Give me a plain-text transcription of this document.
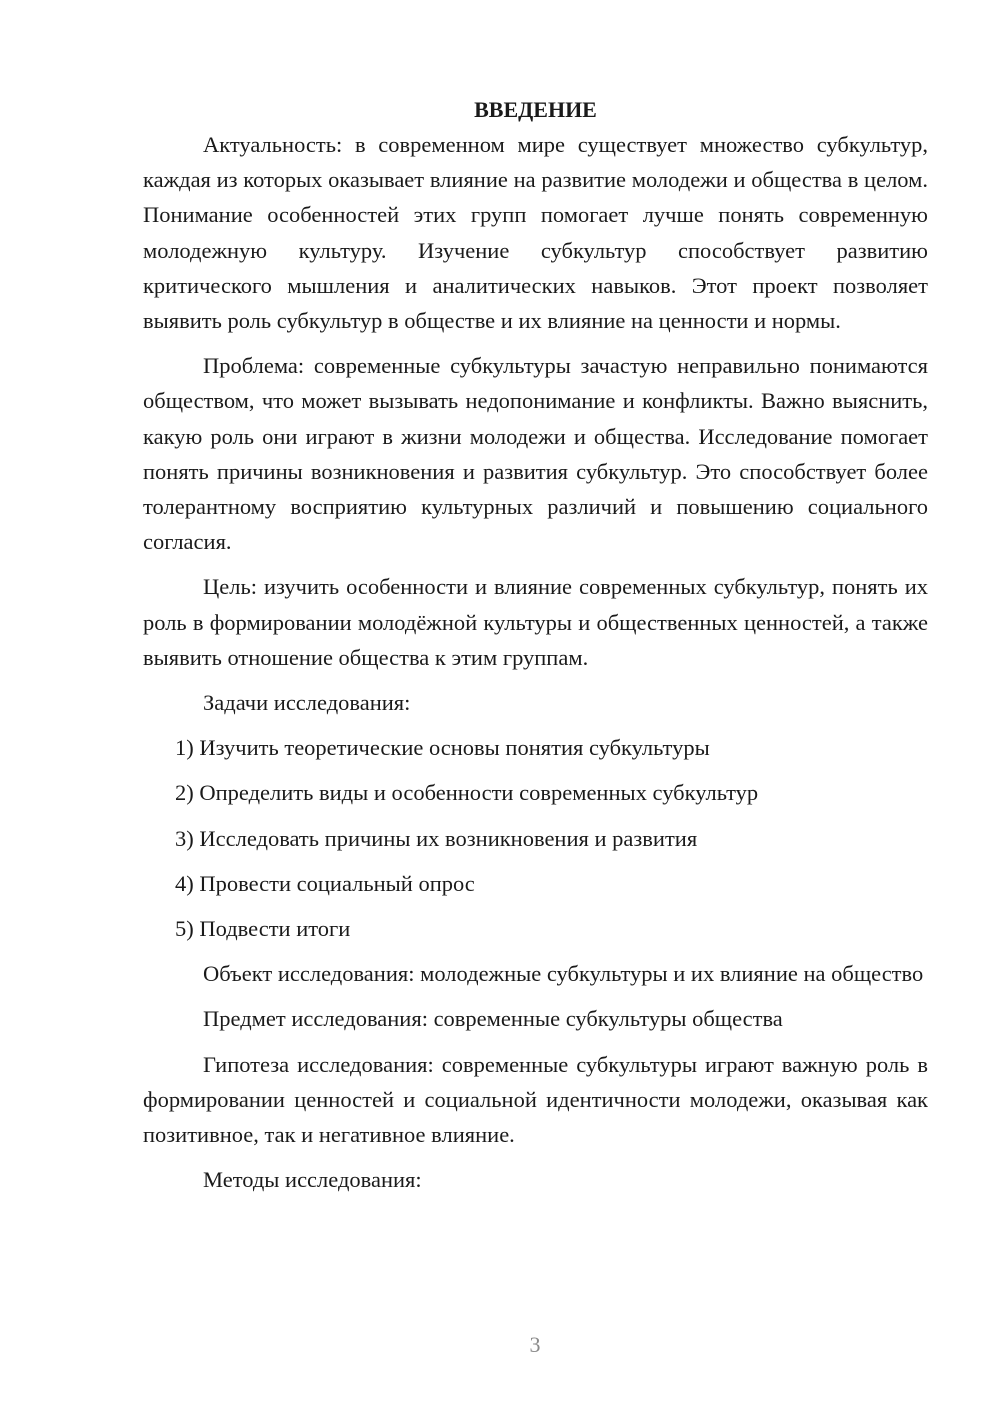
ВВЕДЕНИЕ

Актуальность: в современном мире существует множество субкультур, каждая из которых оказывает влияние на развитие молодежи и общества в целом. Понимание особенностей этих групп помогает лучше понять современную молодежную культуру. Изучение субкультур способствует развитию критического мышления и аналитических навыков. Этот проект позволяет выявить роль субкультур в обществе и их влияние на ценности и нормы.

Проблема: современные субкультуры зачастую неправильно понимаются обществом, что может вызывать недопонимание и конфликты. Важно выяснить, какую роль они играют в жизни молодежи и общества. Исследование помогает понять причины возникновения и развития субкультур. Это способствует более толерантному восприятию культурных различий и повышению социального согласия.

Цель: изучить особенности и влияние современных субкультур, понять их роль в формировании молодёжной культуры и общественных ценностей, а также выявить отношение общества к этим группам.

Задачи исследования:

1) Изучить теоретические основы понятия субкультуры

2) Определить виды и особенности современных субкультур

3) Исследовать причины их возникновения и развития

4) Провести социальный опрос

5) Подвести итоги

Объект исследования: молодежные субкультуры и их влияние на общество

Предмет исследования: современные субкультуры общества

Гипотеза исследования: современные субкультуры играют важную роль в формировании ценностей и социальной идентичности молодежи, оказывая как позитивное, так и негативное влияние.

Методы исследования:

3
